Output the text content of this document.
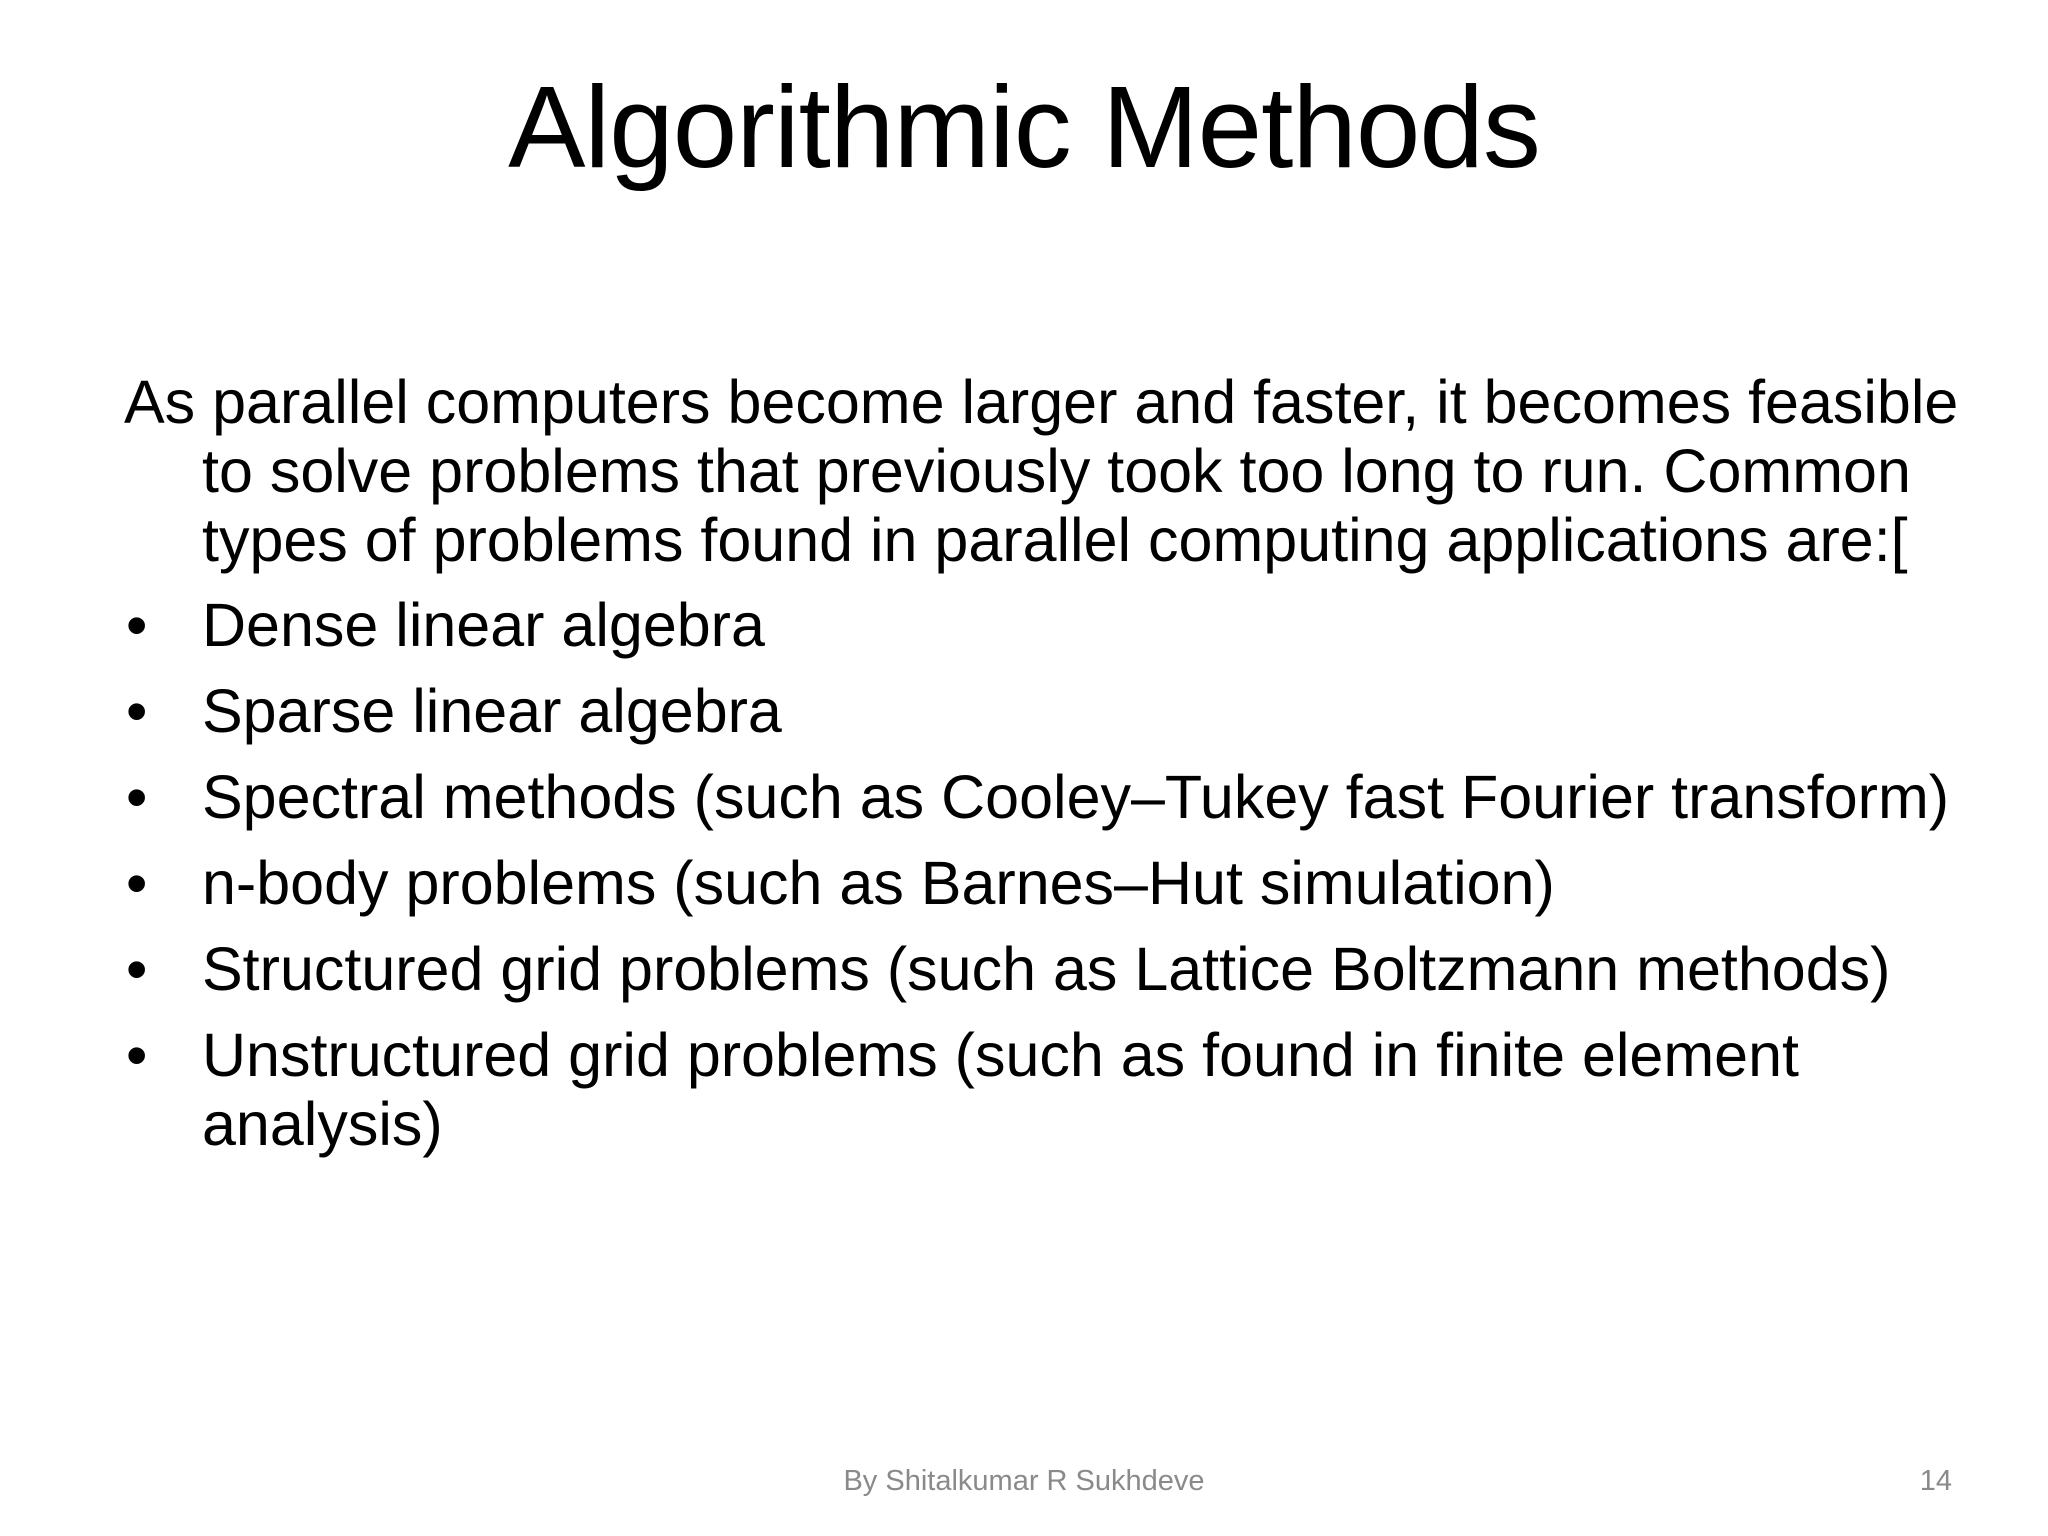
Algorithmic Methods

As parallel computers become larger and faster, it becomes feasible to solve problems that previously took too long to run. Common types of problems found in parallel computing applications are:[

• Dense linear algebra
• Sparse linear algebra
• Spectral methods (such as Cooley–Tukey fast Fourier transform)
• n-body problems (such as Barnes–Hut simulation)
• Structured grid problems (such as Lattice Boltzmann methods)
• Unstructured grid problems (such as found in finite element analysis)
By Shitalkumar R Sukhdeve	14
